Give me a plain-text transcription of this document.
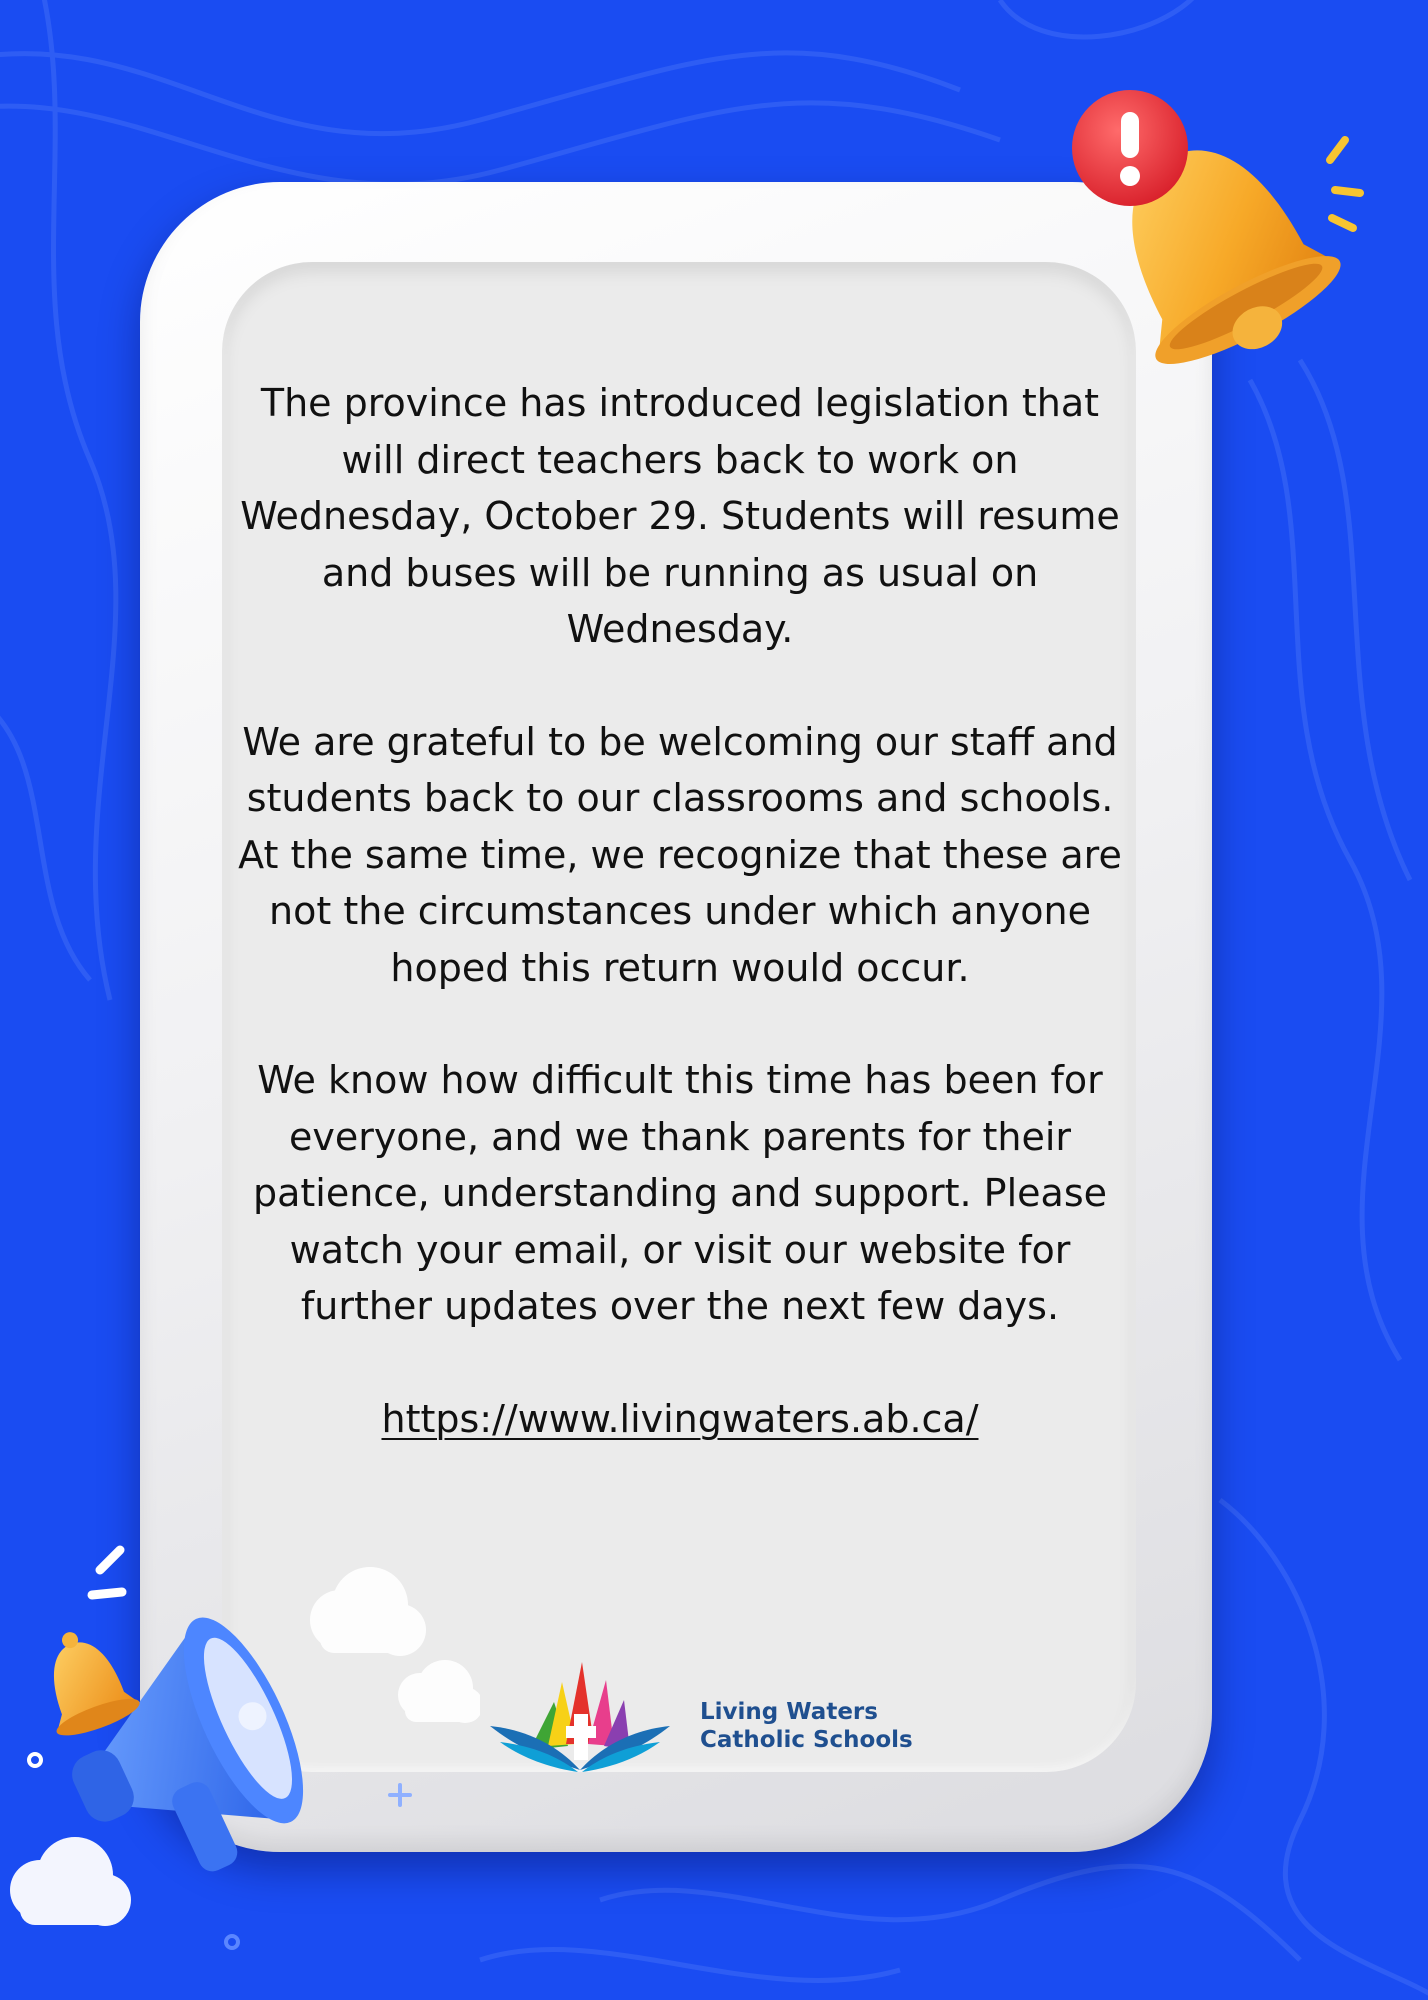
The province has introduced legislation that will direct teachers back to work on Wednesday, October 29. Students will resume and buses will be running as usual on Wednesday.

We are grateful to be welcoming our staff and students back to our classrooms and schools. At the same time, we recognize that these are not the circumstances under which anyone hoped this return would occur.

We know how difficult this time has been for everyone, and we thank parents for their patience, understanding and support. Please watch your email, or visit our website for further updates over the next few days.

https://www.livingwaters.ab.ca/

Living Waters
Catholic Schools
